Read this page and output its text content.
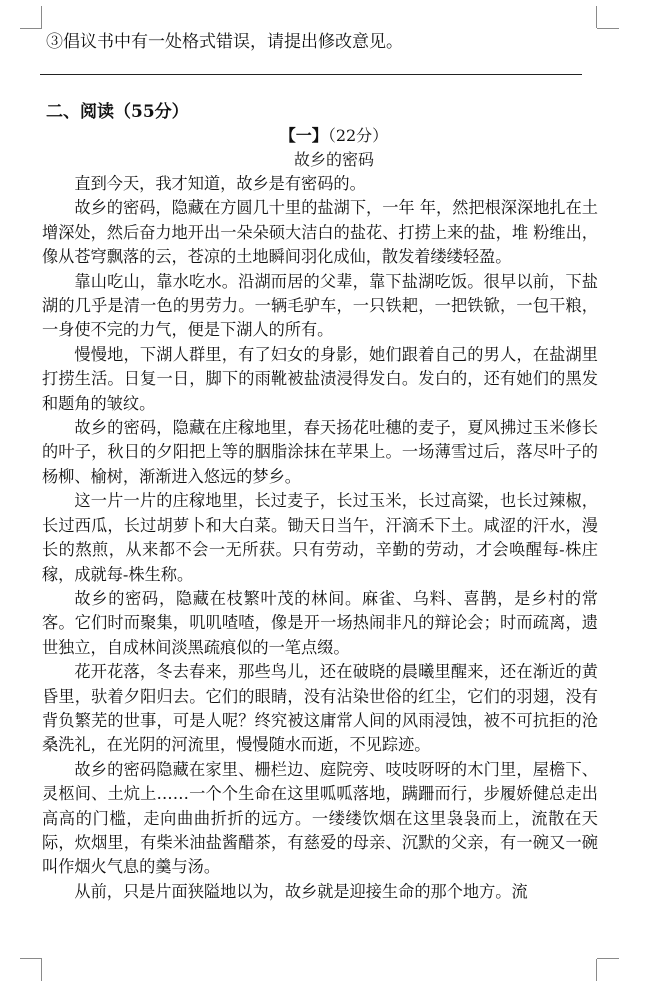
③倡议书中有一处格式错误，请提出修改意见。
二、阅读（55分）
【一】（22分）
故乡的密码

直到今天，我才知道，故乡是有密码的。

故乡的密码，隐藏在方圆几十里的盐湖下，一年 年，然把根深深地扎在土增深处，然后奋力地开出一朵朵硕大洁白的盐花、打捞上来的盐，堆 粉维出，像从苍穹飘落的云，苍凉的土地瞬间羽化成仙，散发着缕缕轻盈。

靠山吃山，靠水吃水。沿湖而居的父辈，靠下盐湖吃饭。很早以前，下盐湖的几乎是清一色的男劳力。一辆毛驴车，一只铁耙，一把铁锨，一包干粮，一身使不完的力气，便是下湖人的所有。

慢慢地，下湖人群里，有了妇女的身影，她们跟着自己的男人，在盐湖里打捞生活。日复一日，脚下的雨靴被盐渍浸得发白。发白的，还有她们的黑发和题角的皱纹。

故乡的密码，隐藏在庄稼地里，春天扬花吐穗的麦子，夏风拂过玉米修长的叶子，秋日的夕阳把上等的胭脂涂抹在苹果上。一场薄雪过后，落尽叶子的杨柳、榆树，渐渐进入悠远的梦乡。

这一片一片的庄稼地里，长过麦子，长过玉米，长过高粱，也长过辣椒，长过西瓜，长过胡萝卜和大白菜。锄天日当午，汗滴禾下土。咸涩的汗水，漫长的熬煎，从来都不会一无所获。只有劳动，辛勤的劳动，才会唤醒每-株庄稼，成就每-株生称。

故乡的密码，隐藏在枝繁叶茂的林间。麻雀、乌料、喜鹊，是乡村的常客。它们时而聚集，叽叽喳喳，像是开一场热闹非凡的辩论会；时而疏离，遗世独立，自成林间淡黑疏痕似的一笔点缀。

花开花落，冬去春来，那些鸟儿，还在破晓的晨曦里醒来，还在渐近的黄昏里，驮着夕阳归去。它们的眼睛，没有沾染世俗的红尘，它们的羽翅，没有背负繁芜的世事，可是人呢？终究被这庸常人间的风雨浸蚀，被不可抗拒的沧桑洗礼，在光阴的河流里，慢慢随水而逝，不见踪迹。

故乡的密码隐藏在家里、栅栏边、庭院旁、吱吱呀呀的木门里，屋檐下、灵柩间、土炕上……一个个生命在这里呱呱落地，蹒跚而行，步履娇健总走出高高的门槛，走向曲曲折折的远方。一缕缕饮烟在这里袅袅而上，流散在天际，炊烟里，有柴米油盐酱醋茶，有慈爱的母亲、沉默的父亲，有一碗又一碗叫作烟火气息的羹与汤。

从前，只是片面狭隘地以为，故乡就是迎接生命的那个地方。流
